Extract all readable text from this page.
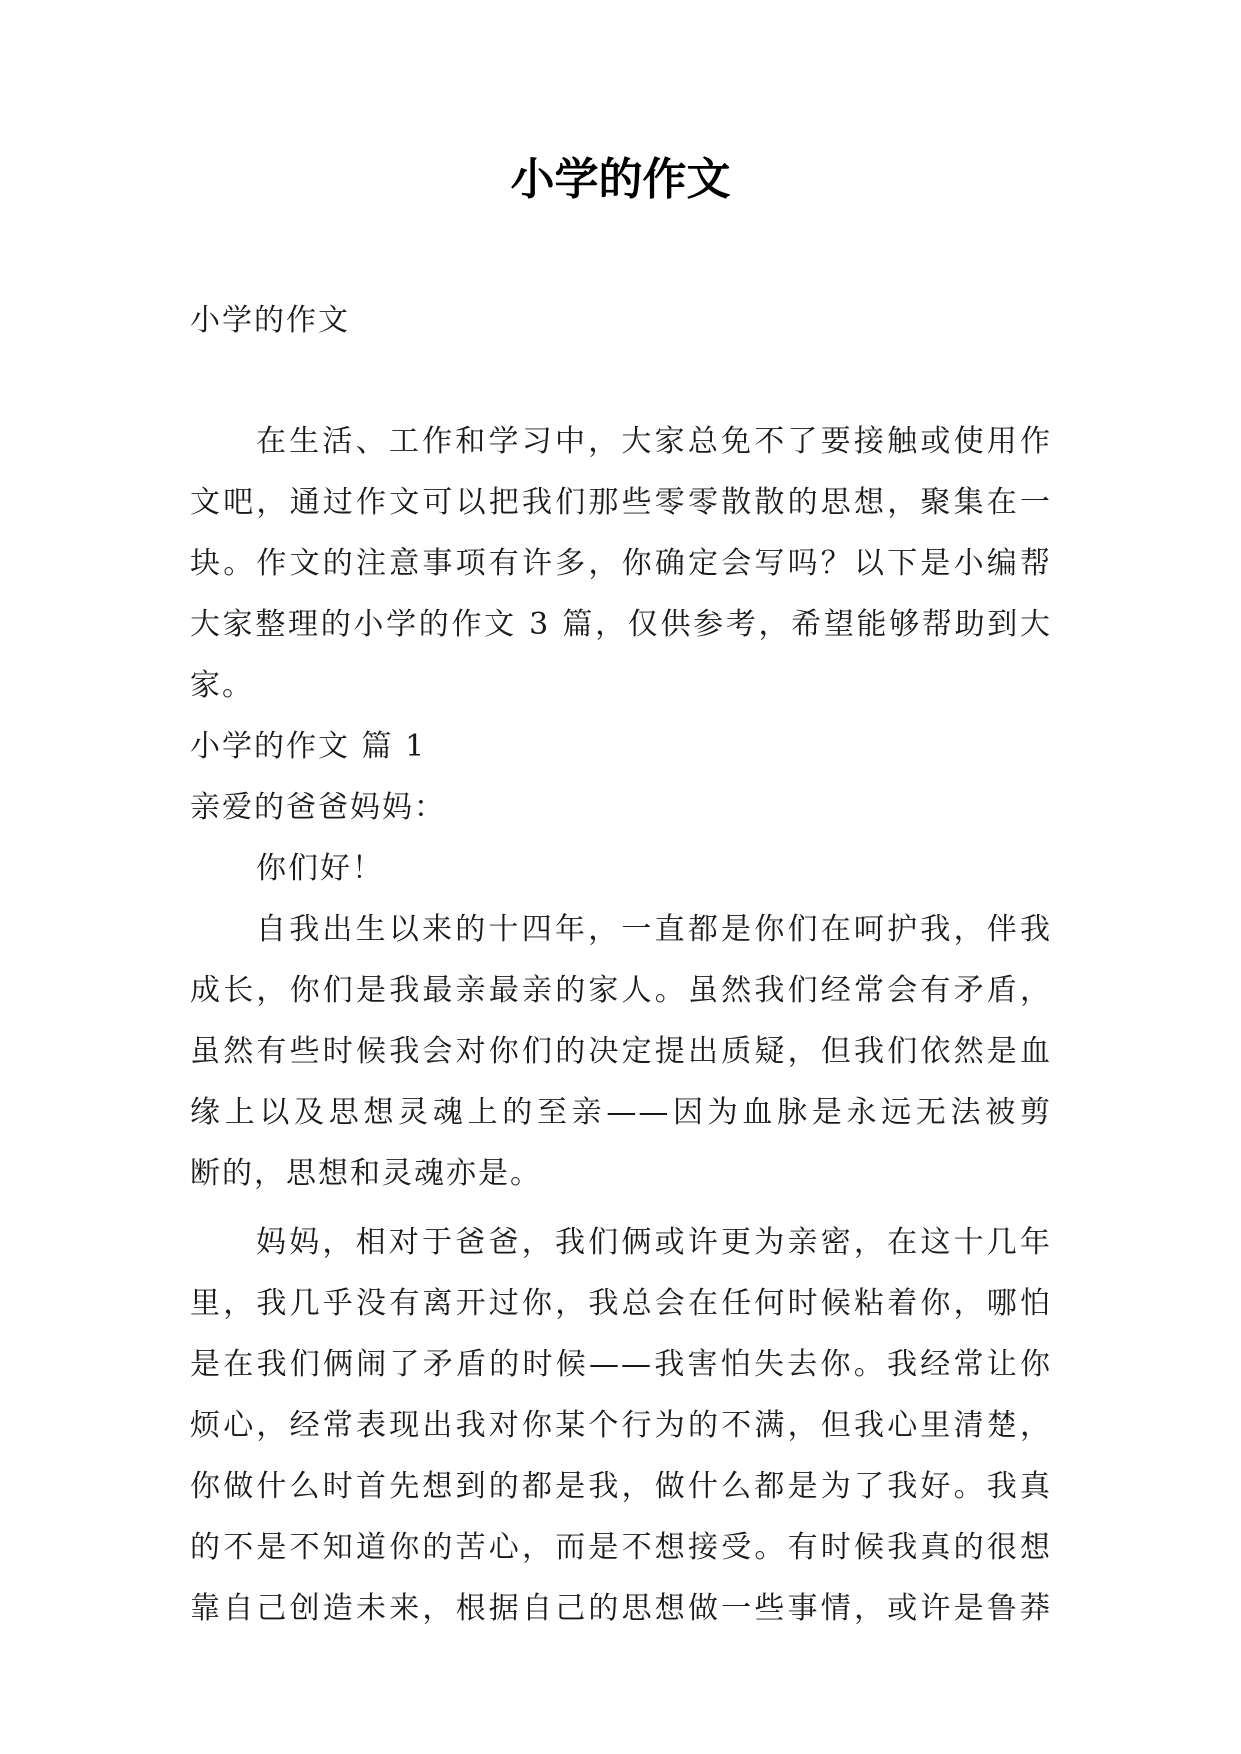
小学的作文
小学的作文
在生活、工作和学习中，大家总免不了要接触或使用作
文吧，通过作文可以把我们那些零零散散的思想，聚集在一
块。作文的注意事项有许多，你确定会写吗？以下是小编帮
大家整理的小学的作文 3 篇，仅供参考，希望能够帮助到大
家。
小学的作文 篇 1
亲爱的爸爸妈妈：
你们好！
自我出生以来的十四年，一直都是你们在呵护我，伴我
成长，你们是我最亲最亲的家人。虽然我们经常会有矛盾，
虽然有些时候我会对你们的决定提出质疑，但我们依然是血
缘上以及思想灵魂上的至亲——因为血脉是永远无法被剪
断的，思想和灵魂亦是。
妈妈，相对于爸爸，我们俩或许更为亲密，在这十几年
里，我几乎没有离开过你，我总会在任何时候粘着你，哪怕
是在我们俩闹了矛盾的时候——我害怕失去你。我经常让你
烦心，经常表现出我对你某个行为的不满，但我心里清楚，
你做什么时首先想到的都是我，做什么都是为了我好。我真
的不是不知道你的苦心，而是不想接受。有时候我真的很想
靠自己创造未来，根据自己的思想做一些事情，或许是鲁莽
